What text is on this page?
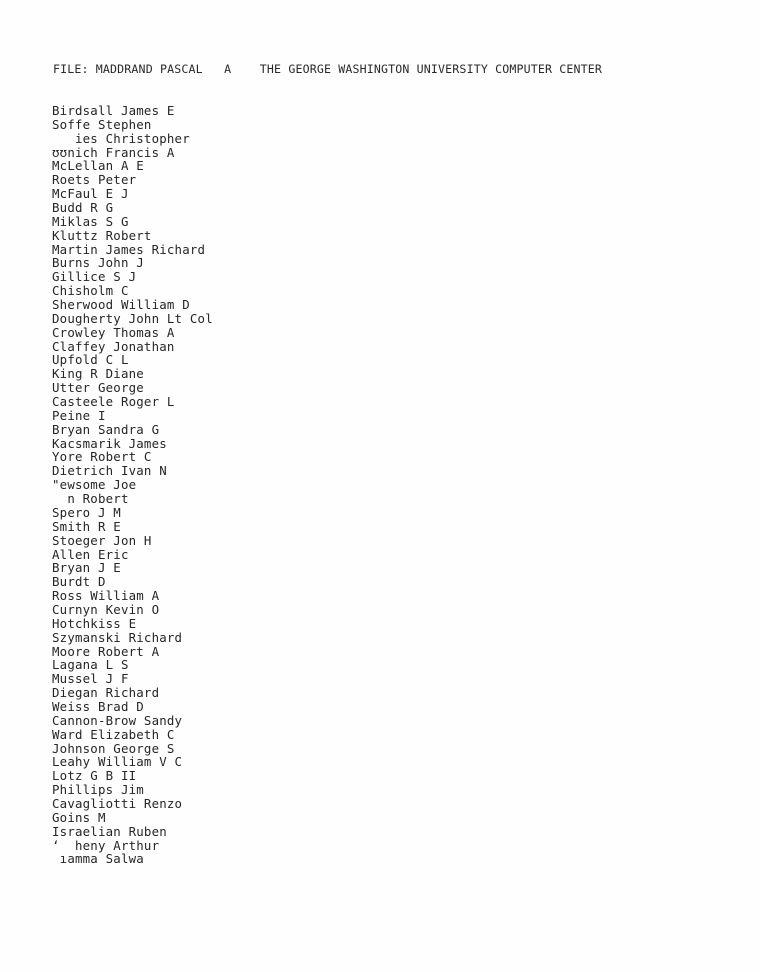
FILE: MADDRAND PASCAL A THE GEORGE WASHINGTON UNIVERSITY COMPUTER CENTER
Birdsall James E
Soffe Stephen
ies Christopher
ʊʊnich Francis A
McLellan A E
Roets Peter
McFaul E J
Budd R G
Miklas S G
Kluttz Robert
Martin James Richard
Burns John J
Gillice S J
Chisholm C
Sherwood William D
Dougherty John Lt Col
Crowley Thomas A
Claffey Jonathan
Upfold C L
King R Diane
Utter George
Casteele Roger L
Peine I
Bryan Sandra G
Kacsmarik James
Yore Robert C
Dietrich Ivan N
"ewsome Joe
n Robert
Spero J M
Smith R E
Stoeger Jon H
Allen Eric
Bryan J E
Burdt D
Ross William A
Curnyn Kevin O
Hotchkiss E
Szymanski Richard
Moore Robert A
Lagana L S
Mussel J F
Diegan Richard
Weiss Brad D
Cannon-Brow Sandy
Ward Elizabeth C
Johnson George S
Leahy William V C
Lotz G B II
Phillips Jim
Cavagliotti Renzo
Goins M
Israelian Ruben
ʻ  heny Arthur
ıamma Salwa
